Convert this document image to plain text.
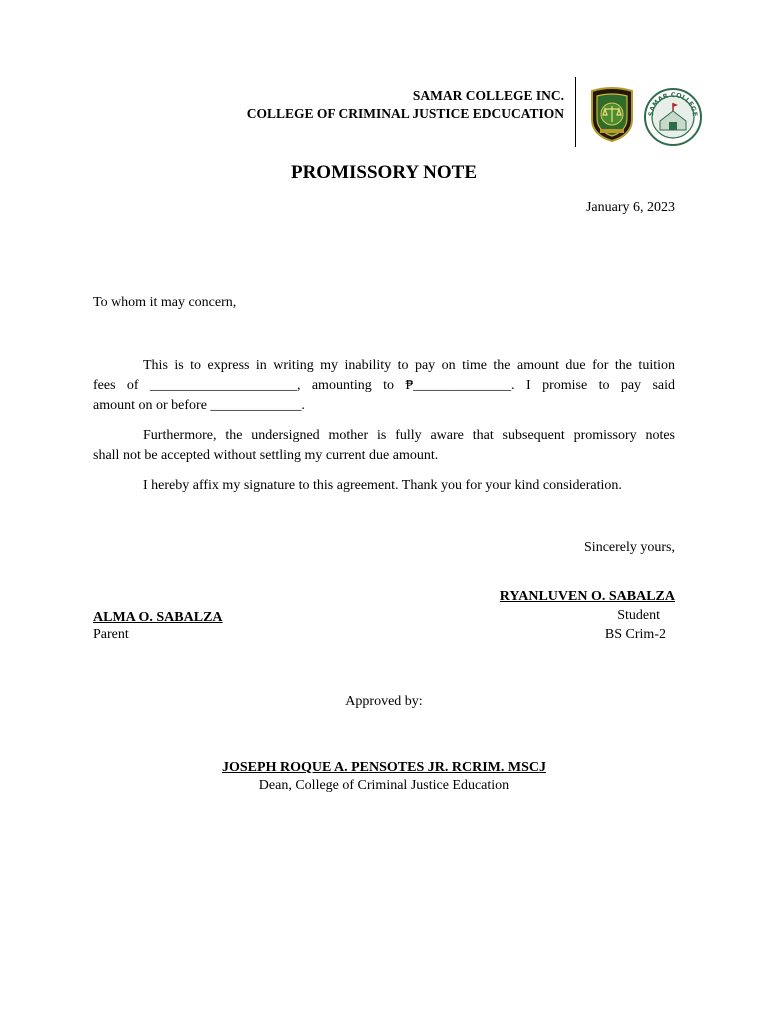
SAMAR COLLEGE INC.
COLLEGE OF CRIMINAL JUSTICE EDCUCATION	SAMAR COLLEGE
PROMISSORY NOTE
January 6, 2023
To whom it may concern,
This is to express in writing my inability to pay on time the amount due for the tuition
fees of _____________________, amounting to ₱______________. I promise to pay said
amount on or before _____________.
Furthermore, the undersigned mother is fully aware that subsequent promissory notes
shall not be accepted without settling my current due amount.
I hereby affix my signature to this agreement. Thank you for your kind consideration.
Sincerely yours,
RYANLUVEN O. SABALZA
Student
BS Crim-2
ALMA O. SABALZA
Parent
Approved by:
JOSEPH ROQUE A. PENSOTES JR. RCRIM. MSCJ
Dean, College of Criminal Justice Education
